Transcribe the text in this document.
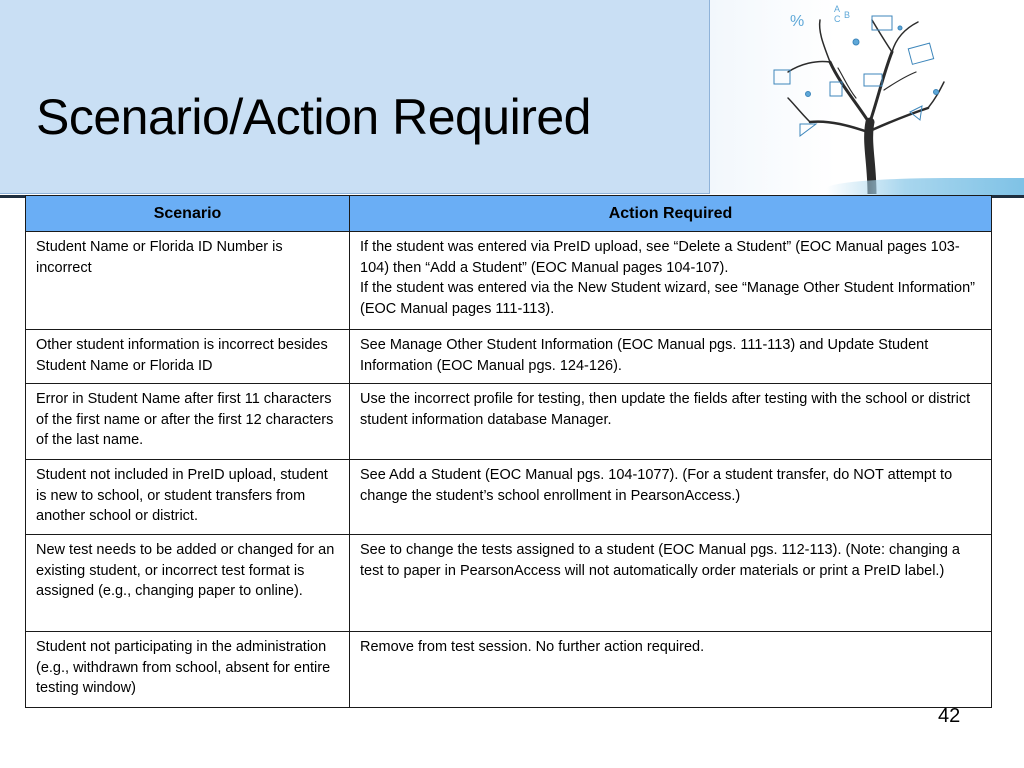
Scenario/Action Required
%
A
C B
Scenario	Action Required
Student Name or Florida ID Number is incorrect	If the student was entered via PreID upload, see “Delete a Student” (EOC Manual pages 103-104) then “Add a Student” (EOC Manual pages 104-107).
If the student was entered via the New Student wizard, see “Manage Other Student Information” (EOC Manual pages 111-113).

Other student information is incorrect besides Student Name or Florida ID	See Manage Other Student Information (EOC Manual pgs. 111-113) and Update Student Information (EOC Manual pgs. 124-126).

Error in Student Name after first 11 characters of the first name or after the first 12 characters of the last name.	Use the incorrect profile for testing, then update the fields after testing with the school or district student information database Manager.

Student not included in PreID upload, student is new to school, or student transfers from another school or district.	See Add a Student (EOC Manual pgs. 104-1077). (For a student transfer, do NOT attempt to change the student’s school enrollment in PearsonAccess.)

New test needs to be added or changed for an existing student, or incorrect test format is assigned (e.g., changing paper to online).	See to change the tests assigned to a student (EOC Manual pgs. 112-113). (Note: changing a test to paper in PearsonAccess will not automatically order materials or print a PreID label.)

Student not participating in the administration (e.g., withdrawn from school, absent for entire testing window)	Remove from test session. No further action required.
42
